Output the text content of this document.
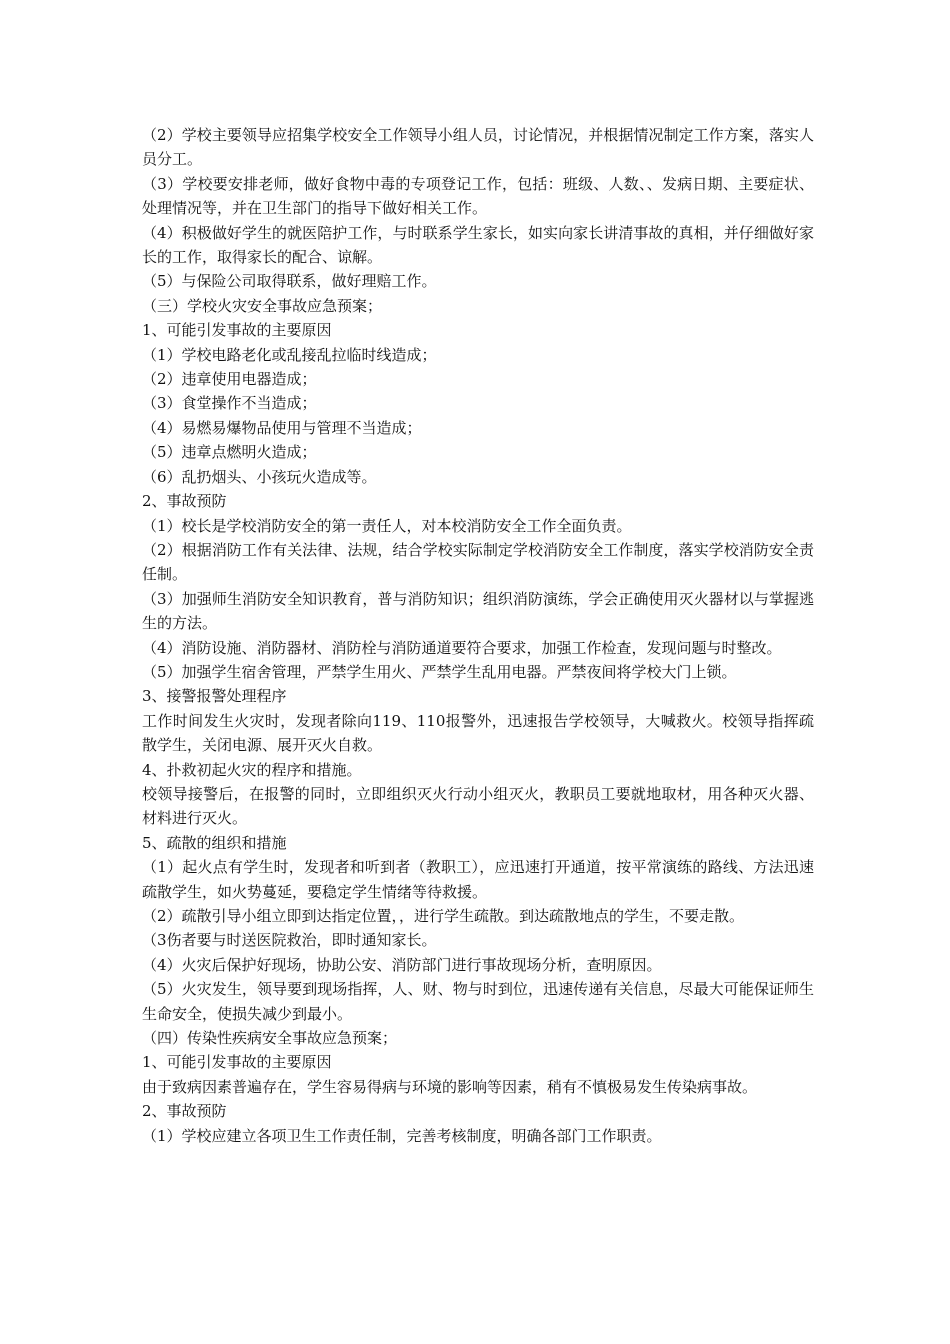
（2）学校主要领导应招集学校安全工作领导小组人员，讨论情况，并根据情况制定工作方案，落实人员分工。

（3）学校要安排老师，做好食物中毒的专项登记工作，包括：班级、人数、、发病日期、主要症状、处理情况等，并在卫生部门的指导下做好相关工作。

（4）积极做好学生的就医陪护工作，与时联系学生家长，如实向家长讲清事故的真相，并仔细做好家长的工作，取得家长的配合、谅解。

（5）与保险公司取得联系，做好理赔工作。

（三）学校火灾安全事故应急预案；

1、可能引发事故的主要原因

（1）学校电路老化或乱接乱拉临时线造成；

（2）违章使用电器造成；

（3）食堂操作不当造成；

（4）易燃易爆物品使用与管理不当造成；

（5）违章点燃明火造成；

（6）乱扔烟头、小孩玩火造成等。

2、事故预防

（1）校长是学校消防安全的第一责任人，对本校消防安全工作全面负责。

（2）根据消防工作有关法律、法规，结合学校实际制定学校消防安全工作制度，落实学校消防安全责任制。

（3）加强师生消防安全知识教育，普与消防知识；组织消防演练，学会正确使用灭火器材以与掌握逃生的方法。

（4）消防设施、消防器材、消防栓与消防通道要符合要求，加强工作检查，发现问题与时整改。

（5）加强学生宿舍管理，严禁学生用火、严禁学生乱用电器。严禁夜间将学校大门上锁。

3、接警报警处理程序

工作时间发生火灾时，发现者除向119、110报警外，迅速报告学校领导，大喊救火。校领导指挥疏散学生，关闭电源、展开灭火自救。

4、扑救初起火灾的程序和措施。

校领导接警后，在报警的同时，立即组织灭火行动小组灭火，教职员工要就地取材，用各种灭火器、材料进行灭火。

5、疏散的组织和措施

（1）起火点有学生时，发现者和听到者（教职工），应迅速打开通道，按平常演练的路线、方法迅速疏散学生，如火势蔓延，要稳定学生情绪等待救援。

（2）疏散引导小组立即到达指定位置，，进行学生疏散。到达疏散地点的学生，不要走散。

（3伤者要与时送医院救治，即时通知家长。

（4）火灾后保护好现场，协助公安、消防部门进行事故现场分析，查明原因。

（5）火灾发生，领导要到现场指挥，人、财、物与时到位，迅速传递有关信息，尽最大可能保证师生生命安全，使损失减少到最小。

（四）传染性疾病安全事故应急预案；

1、可能引发事故的主要原因

由于致病因素普遍存在，学生容易得病与环境的影响等因素，稍有不慎极易发生传染病事故。

2、事故预防

（1）学校应建立各项卫生工作责任制，完善考核制度，明确各部门工作职责。
